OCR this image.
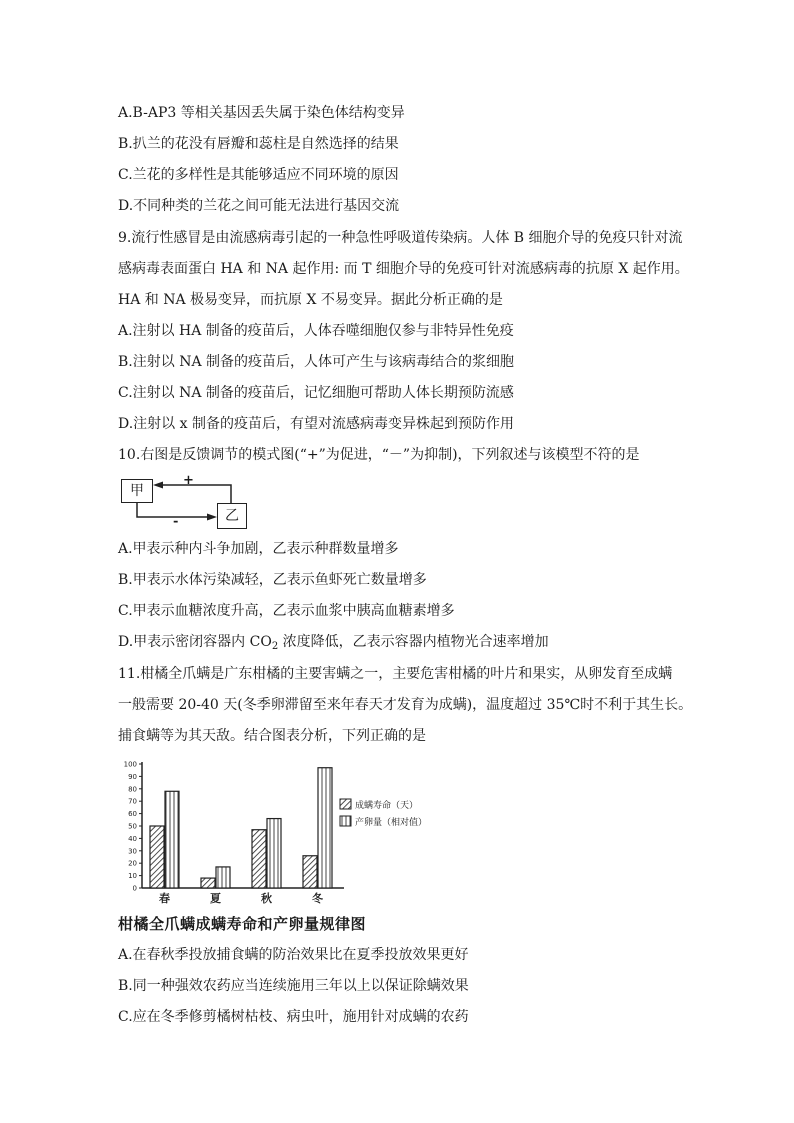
A.B-AP3 等相关基因丢失属于染色体结构变异
B.扒兰的花没有唇瓣和蕊柱是自然选择的结果
C.兰花的多样性是其能够适应不同环境的原因
D.不同种类的兰花之间可能无法进行基因交流
9.流行性感冒是由流感病毒引起的一种急性呼吸道传染病。人体 B 细胞介导的免疫只针对流
感病毒表面蛋白 HA 和 NA 起作用: 而 T 细胞介导的免疫可针对流感病毒的抗原 X 起作用。
HA 和 NA 极易变异，而抗原 X 不易变异。据此分析正确的是
A.注射以 HA 制备的疫苗后，人体吞噬细胞仅参与非特异性免疫
B.注射以 NA 制备的疫苗后，人体可产生与该病毒结合的浆细胞
C.注射以 NA 制备的疫苗后，记忆细胞可帮助人体长期预防流感
D.注射以 x 制备的疫苗后，有望对流感病毒变异株起到预防作用
10.右图是反馈调节的模式图(“+”为促进，“－”为抑制)，下列叙述与该模型不符的是
甲
乙
+
-
A.甲表示种内斗争加剧，乙表示种群数量增多
B.甲表示水体污染减轻，乙表示鱼虾死亡数量增多
C.甲表示血糖浓度升高，乙表示血浆中胰高血糖素增多
D.甲表示密闭容器内 $CO_2$ 浓度降低，乙表示容器内植物光合速率增加
11.柑橘全爪螨是广东柑橘的主要害螨之一，主要危害柑橘的叶片和果实，从卵发育至成螨
一般需要 20-40 天(冬季卵滞留至来年春天才发育为成螨)，温度超过 35℃时不利于其生长。
捕食螨等为其天敌。结合图表分析，下列正确的是
0
10
20
30
40
50
60
70
80
90
100
春	夏	秋	冬
成螨寿命（天）
产卵量（相对值）
柑橘全爪螨成螨寿命和产卵量规律图
A.在春秋季投放捕食螨的防治效果比在夏季投放效果更好
B.同一种强效农药应当连续施用三年以上以保证除螨效果
C.应在冬季修剪橘树枯枝、病虫叶，施用针对成螨的农药
